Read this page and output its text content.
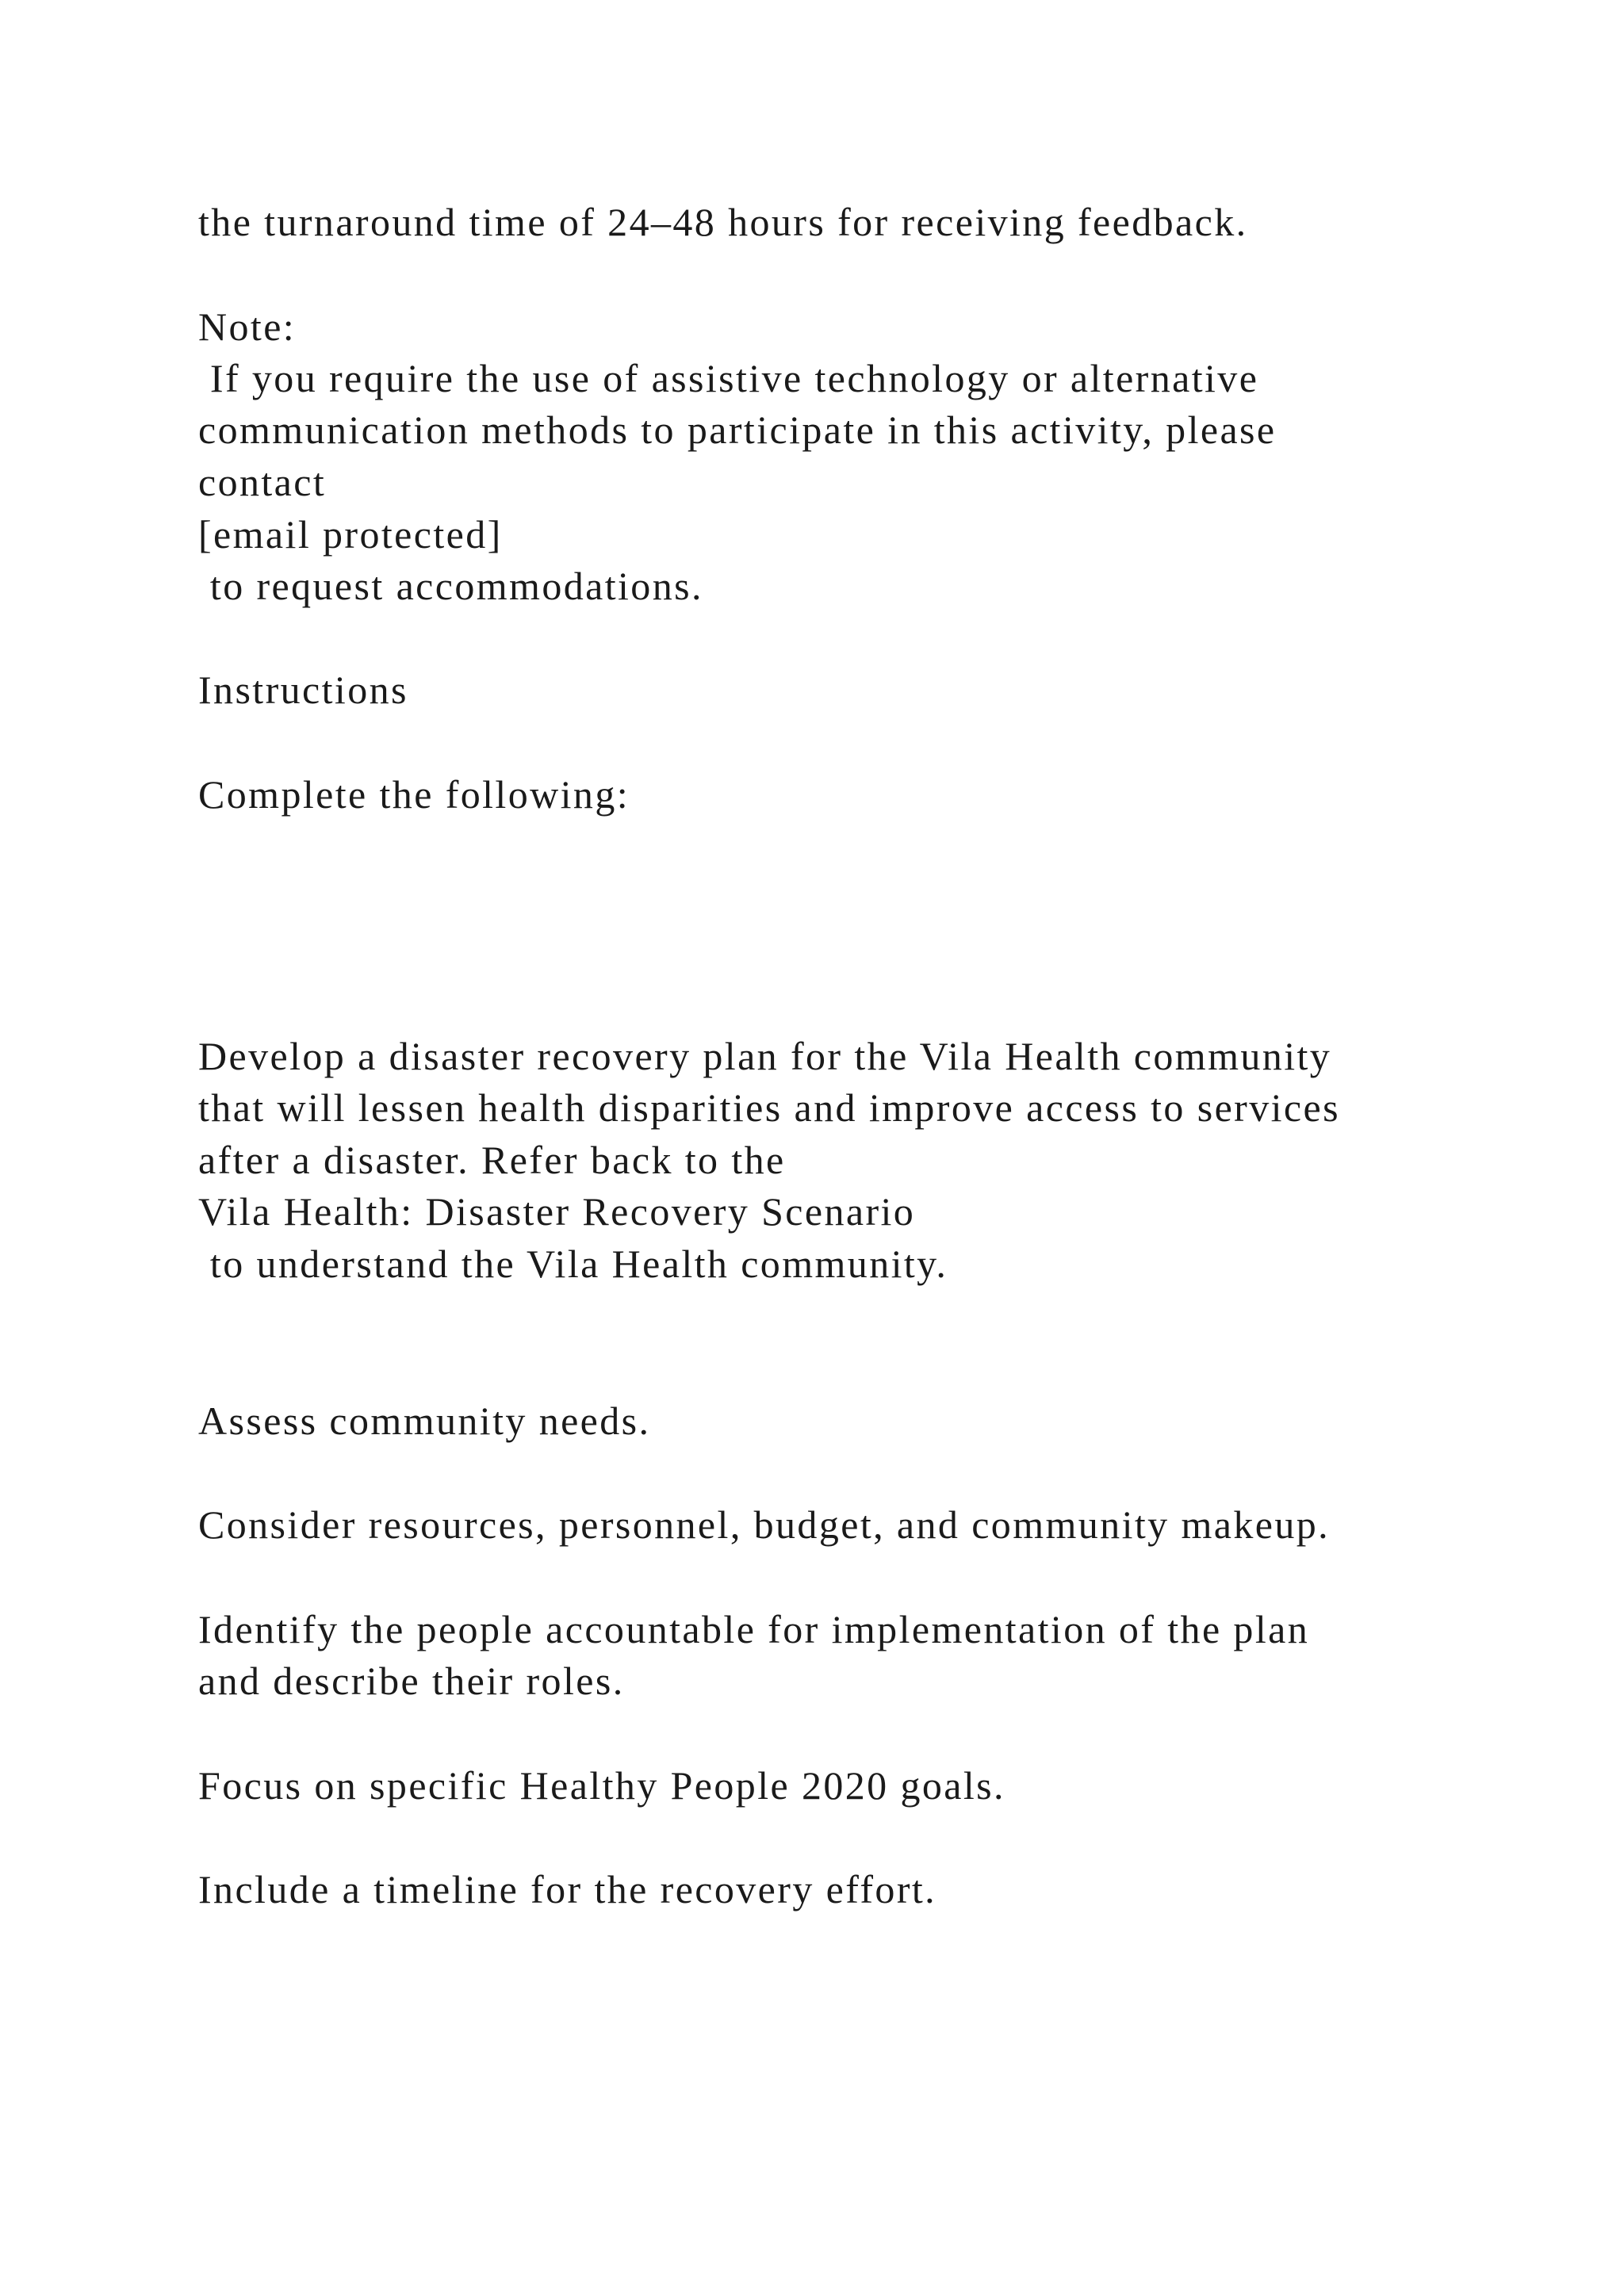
the turnaround time of 24–48 hours for receiving feedback.

Note:

If you require the use of assistive technology or alternative

communication methods to participate in this activity, please

contact

[email protected]

to request accommodations.

Instructions

Complete the following:

Develop a disaster recovery plan for the Vila Health community

that will lessen health disparities and improve access to services

after a disaster. Refer back to the

Vila Health: Disaster Recovery Scenario

to understand the Vila Health community.

Assess community needs.

Consider resources, personnel, budget, and community makeup.

Identify the people accountable for implementation of the plan

and describe their roles.

Focus on specific Healthy People 2020 goals.

Include a timeline for the recovery effort.
